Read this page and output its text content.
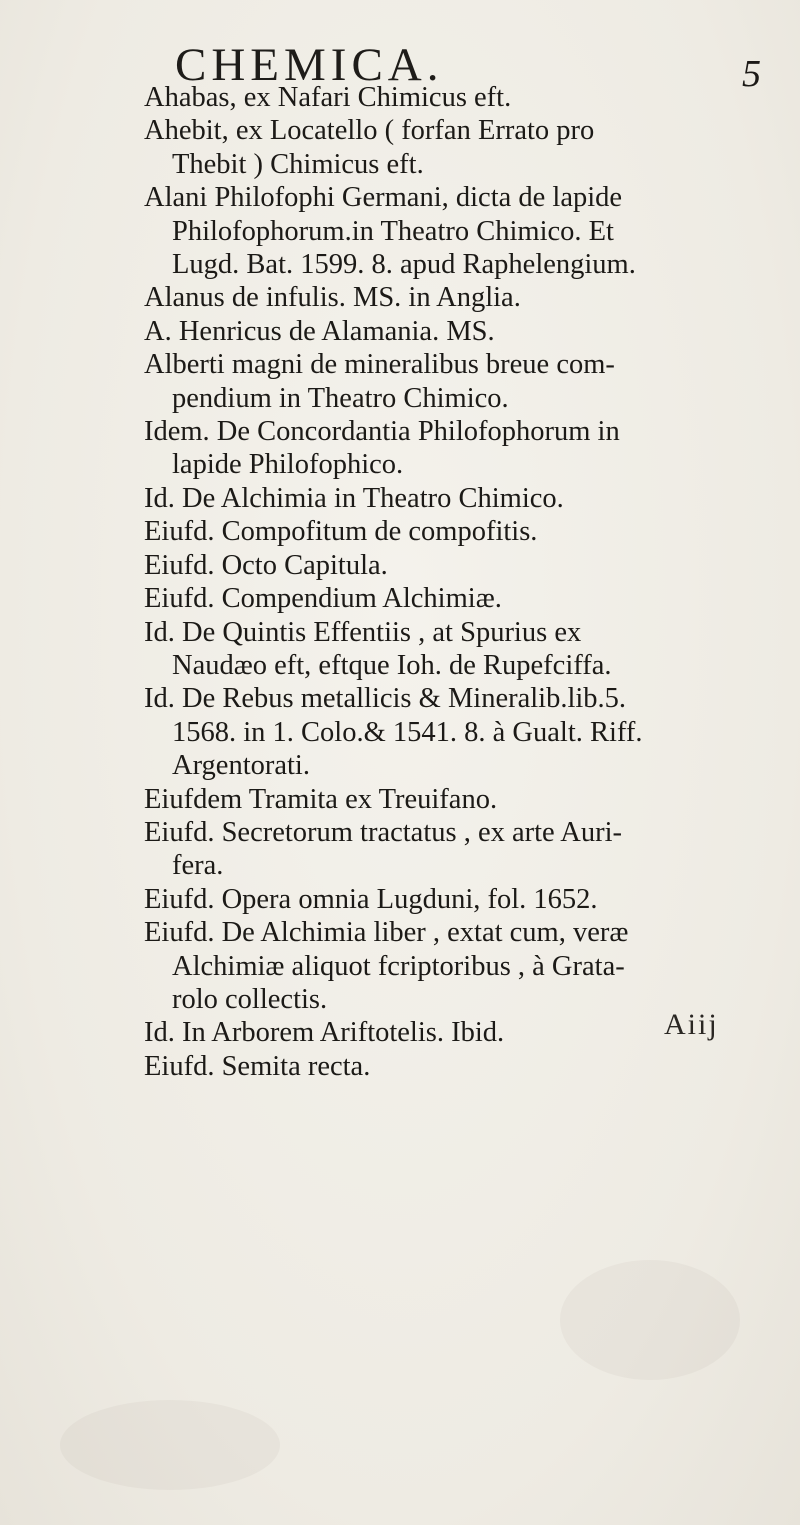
CHEMICA.	5

Ahabas, ex Nafari Chimicus eft.

Ahebit, ex Locatello ( forfan Errato pro
Thebit ) Chimicus eft.

Alani Philofophi Germani, dicta de lapide
Philofophorum.in Theatro Chimico. Et
Lugd. Bat. 1599. 8. apud Raphelengium.

Alanus de infulis. MS. in Anglia.

A. Henricus de Alamania. MS.

Alberti magni de mineralibus breue com-
pendium in Theatro Chimico.

Idem. De Concordantia Philofophorum in
lapide Philofophico.

Id. De Alchimia in Theatro Chimico.

Eiufd. Compofitum de compofitis.

Eiufd. Octo Capitula.

Eiufd. Compendium Alchimiæ.

Id. De Quintis Effentiis , at Spurius ex
Naudæo eft, eftque Ioh. de Rupefciffa.

Id. De Rebus metallicis & Mineralib.lib.5.
1568. in 1. Colo.& 1541. 8. à Gualt. Riff.
Argentorati.

Eiufdem Tramita ex Treuifano.

Eiufd. Secretorum tractatus , ex arte Auri-
fera.

Eiufd. Opera omnia Lugduni, fol. 1652.

Eiufd. De Alchimia liber , extat cum, veræ
Alchimiæ aliquot fcriptoribus , à Grata-
rolo collectis.

Id. In Arborem Ariftotelis. Ibid.

Eiufd. Semita recta.

Aiij
